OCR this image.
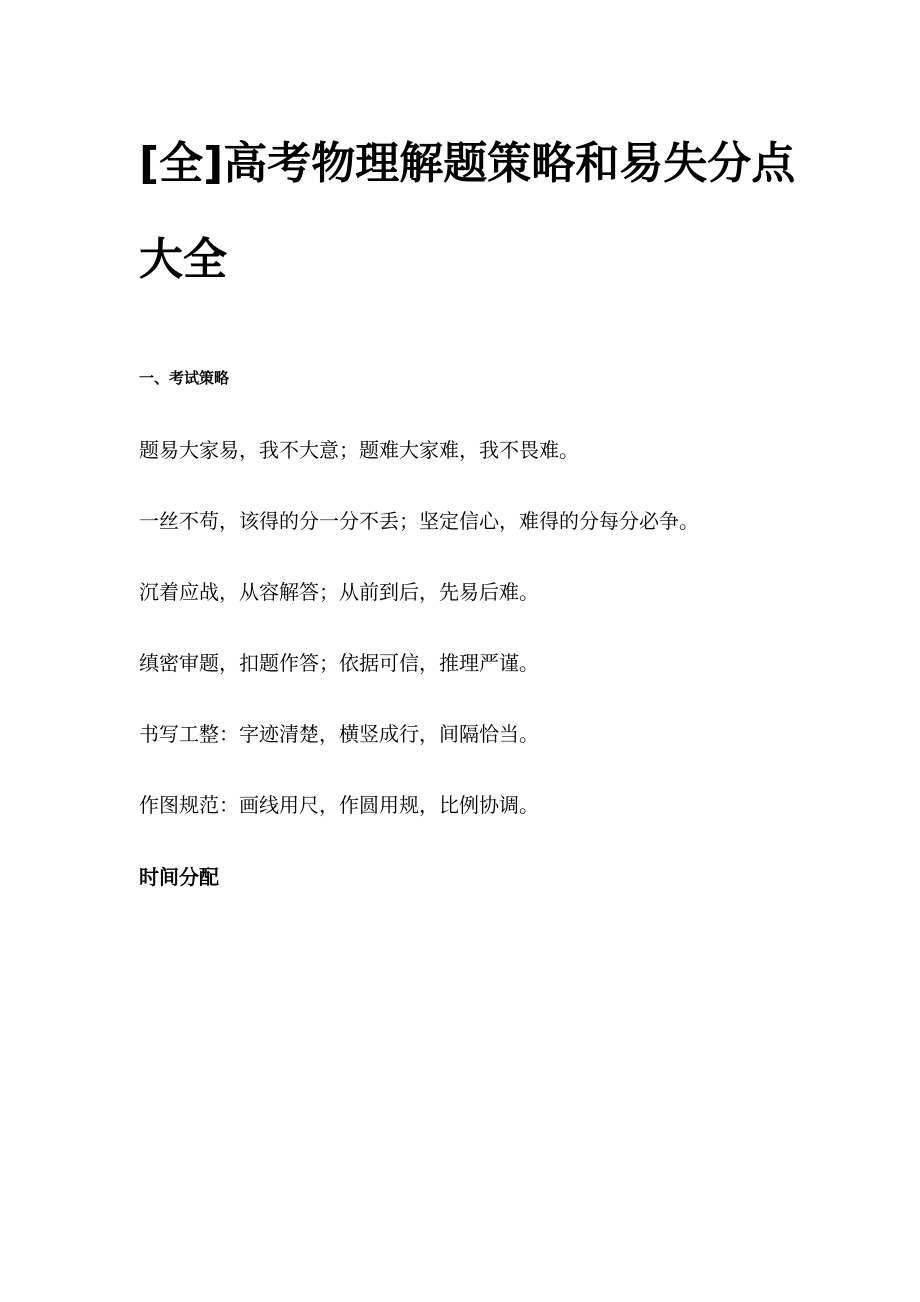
[全]高考物理解题策略和易失分点大全
一、考试策略
题易大家易，我不大意；题难大家难，我不畏难。
一丝不苟，该得的分一分不丢；坚定信心，难得的分每分必争。
沉着应战，从容解答；从前到后，先易后难。
缜密审题，扣题作答；依据可信，推理严谨。
书写工整：字迹清楚，横竖成行，间隔恰当。
作图规范：画线用尺，作圆用规，比例协调。
时间分配
